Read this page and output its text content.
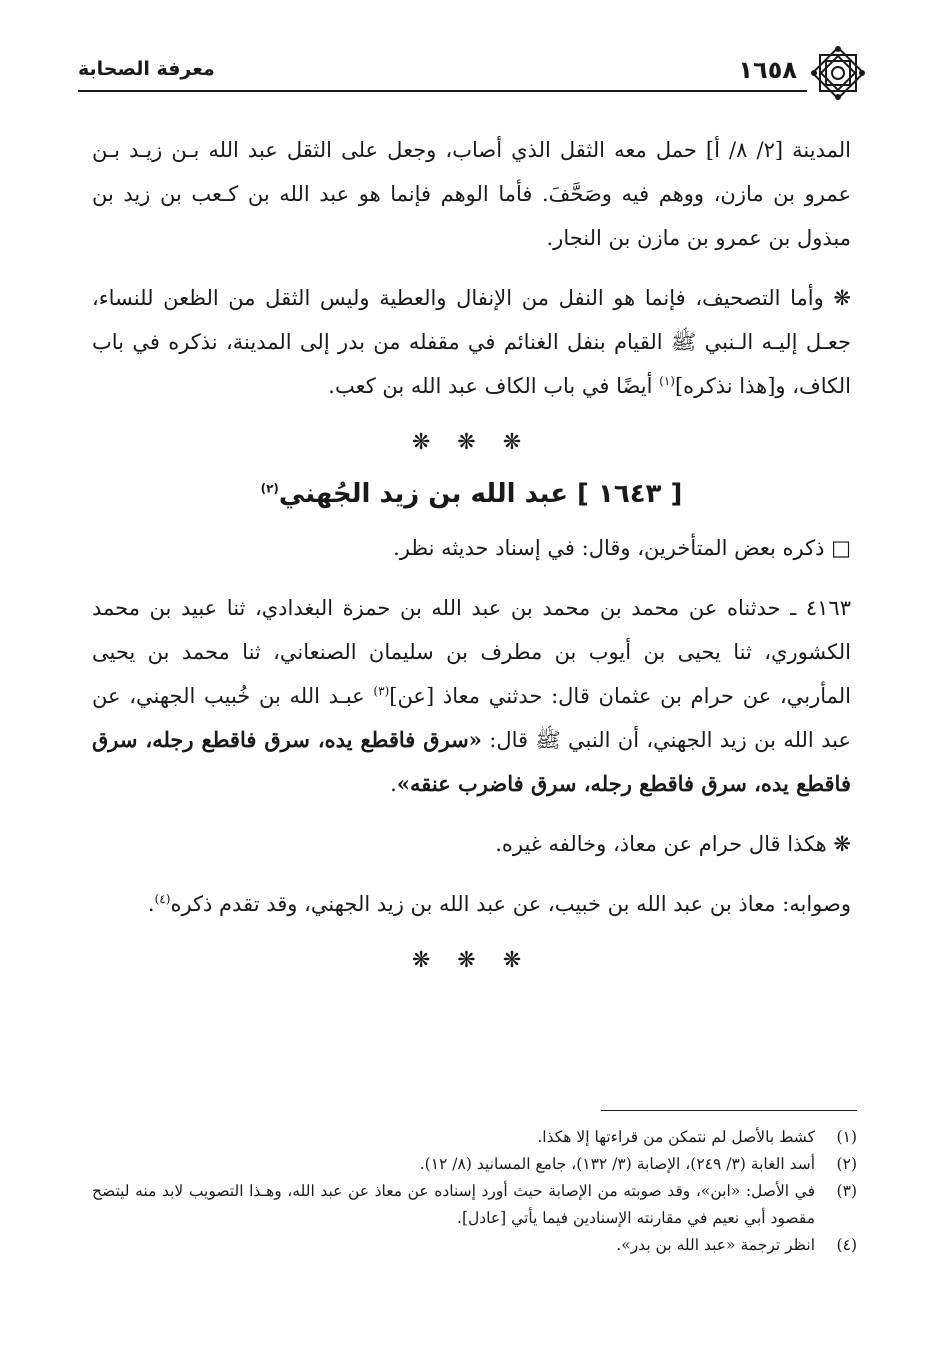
١٦٥٨
معرفة الصحابة

المدينة [٢/ ٨/ أ] حمل معه الثقل الذي أصاب، وجعل على الثقل عبد الله بـن زيـد بـن عمرو بن مازن، ووهم فيه وصَحَّفَ. فأما الوهم فإنما هو عبد الله بن كـعب بن زيد بن مبذول بن عمرو بن مازن بن النجار.

❋ وأما التصحيف، فإنما هو النفل من الإنفال والعطية وليس الثقل من الظعن للنساء، جعـل إليـه الـنبي ﷺ القيام بنفل الغنائم في مقفله من بدر إلى المدينة، نذكره في باب الكاف، و[هذا نذكره]$^{(١)}$ أيضًا في باب الكاف عبد الله بن كعب.

❋ ❋ ❋
[ ١٦٤٣ ] عبد الله بن زيد الجُهني$^{(٢)}$

□ ذكره بعض المتأخرين، وقال: في إسناد حديثه نظر.

٤١٦٣ ـ حدثناه عن محمد بن محمد بن عبد الله بن حمزة البغدادي، ثنا عبيد بن محمد الكشوري، ثنا يحيى بن أيوب بن مطرف بن سليمان الصنعاني، ثنا محمد بن يحيى المأربي، عن حرام بن عثمان قال: حدثني معاذ [عن]$^{(٣)}$ عبـد الله بن خُبيب الجهني، عن عبد الله بن زيد الجهني، أن النبي ﷺ قال: «سرق فاقطع يده، سرق فاقطع رجله، سرق فاقطع يده، سرق فاقطع رجله، سرق فاضرب عنقه».

❋ هكذا قال حرام عن معاذ، وخالفه غيره.

وصوابه: معاذ بن عبد الله بن خبيب، عن عبد الله بن زيد الجهني، وقد تقدم ذكره$^{(٤)}$.

❋ ❋ ❋
(١)
كشط بالأصل لم نتمكن من قراءتها إلا هكذا.
(٢)
أسد الغابة (٣/ ٢٤٩)، الإصابة (٣/ ١٣٢)، جامع المسانيد (٨/ ١٢).
(٣)
في الأصل: «ابن»، وقد صوبته من الإصابة حيث أورد إسناده عن معاذ عن عبد الله، وهـذا التصويب لابد منه ليتضح مقصود أبي نعيم في مقارنته الإسنادين فيما يأتي [عادل].
(٤)
انظر ترجمة «عبد الله بن بدر».
